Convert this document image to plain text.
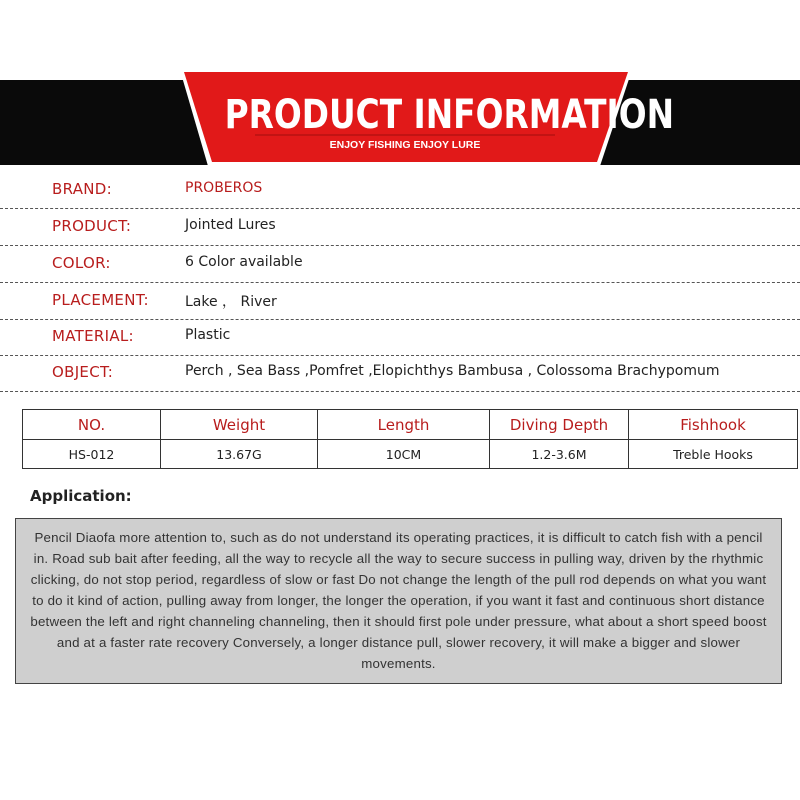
PRODUCT INFORMATION
ENJOY FISHING ENJOY LURE
BRAND:	PROBEROS
PRODUCT:	Jointed Lures
COLOR:	6 Color available
PLACEMENT:	Lake ， River
MATERIAL:	Plastic
OBJECT:	Perch , Sea Bass ,Pomfret ,Elopichthys Bambusa , Colossoma Brachypomum
NO.	Weight	Length	Diving Depth	Fishhook
HS-012	13.67G	10CM	1.2-3.6M	Treble Hooks
Application:

Pencil Diaofa more attention to, such as do not understand its operating practices, it is difficult to catch fish with a pencil in. Road sub bait after feeding, all the way to recycle all the way to secure success in pulling way, driven by the rhythmic clicking, do not stop period, regardless of slow or fast Do not change the length of the pull rod depends on what you want to do it kind of action, pulling away from longer, the longer the operation, if you want it fast and continuous short distance between the left and right channeling channeling, then it should first pole under pressure, what about a short speed boost and at a faster rate recovery Conversely, a longer distance pull, slower recovery, it will make a bigger and slower movements.
